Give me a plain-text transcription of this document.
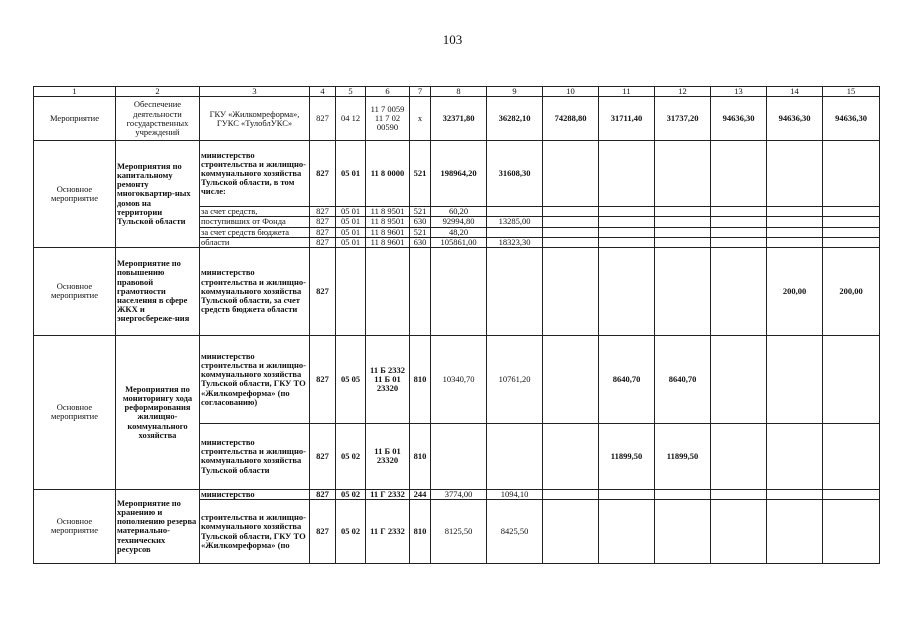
103
1	2	3	4	5	6	7	8	9	10	11	12	13	14	15
Мероприятие	Обеспечение деятельности государственных учреждений	ГКУ «Жилкомреформа», ГУКС «ТулоблУКС»	827	04 12	11 7 0059 11 7 02 00590	х	32371,80	36282,10	74288,80	31711,40	31737,20	94636,30	94636,30	94636,30
Основное мероприятие	Мероприятия по капитальному ремонту многоквартир-ных домов на территории Тульской области	министерство строительства и жилищно-коммунального хозяйства Тульской области, в том числе:	827	05 01	11 8 0000	521	198964,20	31608,30						
		за счет средств,	827	05 01	11 8 9501	521	60,20							
		поступивших от Фонда	827	05 01	11 8 9501	630	92994,80	13285,00						
		за счет средств бюджета	827	05 01	11 8 9601	521	48,20							
		области	827	05 01	11 8 9601	630	105861,00	18323,30						
Основное мероприятие	Мероприятие по повышению правовой грамотности населения в сфере ЖКХ и энергосбереже-ния	министерство строительства и жилищно-коммунального хозяйства Тульской области, за счет средств бюджета области	827										200,00	200,00
Основное мероприятие	Мероприятия по мониторингу хода реформирования жилищно-коммунального хозяйства	министерство строительства и жилищно-коммунального хозяйства Тульской области, ГКУ ТО «Жилкомреформа» (по согласованию)	827	05 05	11 Б 2332 11 Б 01 23320	810	10340,70	10761,20		8640,70	8640,70			
		министерство строительства и жилищно-коммунального хозяйства Тульской области	827	05 02	11 Б 01 23320	810				11899,50	11899,50			
Основное мероприятие	Мероприятие по хранению и пополнению резерва материально-технических ресурсов	министерство	827	05 02	11 Г 2332	244	3774,00	1094,10						
		строительства и жилищно-коммунального хозяйства Тульской области, ГКУ ТО «Жилкомреформа» (по	827	05 02	11 Г 2332	810	8125,50	8425,50						
